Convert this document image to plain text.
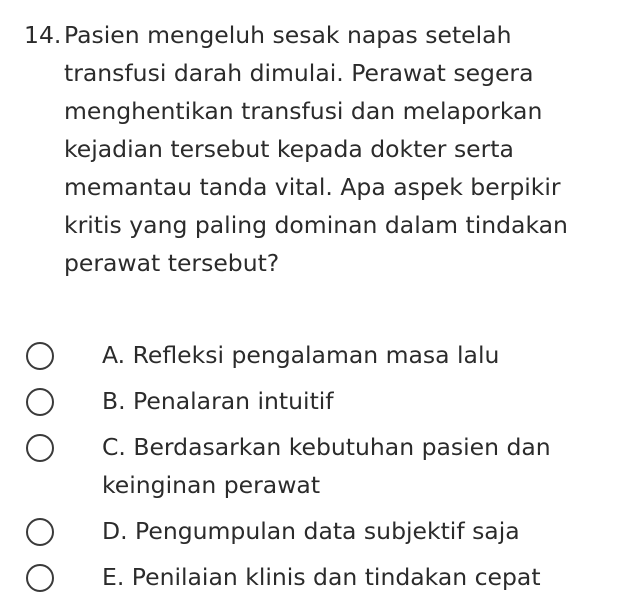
14. Pasien mengeluh sesak napas setelah transfusi darah dimulai. Perawat segera menghentikan transfusi dan melaporkan kejadian tersebut kepada dokter serta memantau tanda vital. Apa aspek berpikir kritis yang paling dominan dalam tindakan perawat tersebut?
A. Refleksi pengalaman masa lalu
B. Penalaran intuitif
C. Berdasarkan kebutuhan pasien dan keinginan perawat
D. Pengumpulan data subjektif saja
E. Penilaian klinis dan tindakan cepat
